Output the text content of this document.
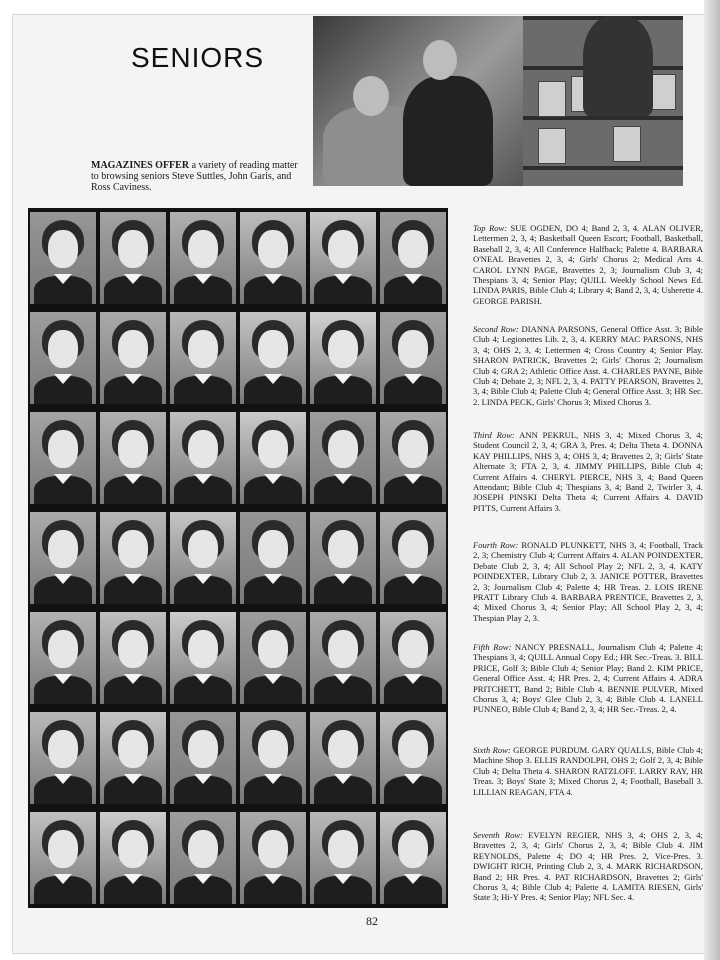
SENIORS
MAGAZINES OFFER a variety of reading matter to browsing seniors Steve Suttles, John Garis, and Ross Caviness.
Top Row: SUE OGDEN, DO 4; Band 2, 3, 4. ALAN OLIVER, Lettermen 2, 3, 4; Basketball Queen Escort; Football, Basketball, Baseball 2, 3, 4; All Conference Halfback; Palette 4. BARBARA O'NEAL Bravettes 2, 3, 4; Girls' Chorus 2; Medical Arts 4. CAROL LYNN PAGE, Bravettes 2, 3; Journalism Club 3, 4; Thespians 3, 4; Senior Play; QUILL Weekly School News Ed. LINDA PARIS, Bible Club 4; Library 4; Band 2, 3, 4; Usherette 4. GEORGE PARISH.
Second Row: DIANNA PARSONS, General Office Asst. 3; Bible Club 4; Legionettes Lib. 2, 3, 4. KERRY MAC PARSONS, NHS 3, 4; OHS 2, 3, 4; Lettermen 4; Cross Country 4; Senior Play. SHARON PATRICK, Bravettes 2; Girls' Chorus 2; Journalism Club 4; GRA 2; Athletic Office Asst. 4. CHARLES PAYNE, Bible Club 4; Debate 2, 3; NFL 2, 3, 4. PATTY PEARSON, Bravettes 2, 3, 4; Bible Club 4; Palette Club 4; General Office Asst. 3; HR Sec. 2. LINDA PECK, Girls' Chorus 3; Mixed Chorus 3.
Third Row: ANN PEKRUL, NHS 3, 4; Mixed Chorus 3, 4; Student Council 2, 3, 4; GRA 3, Pres. 4; Delta Theta 4. DONNA KAY PHILLIPS, NHS 3, 4; OHS 3, 4; Bravettes 2, 3; Girls' State Alternate 3; FTA 2, 3, 4. JIMMY PHILLIPS, Bible Club 4; Current Affairs 4. CHERYL PIERCE, NHS 3, 4; Band Queen Attendant; Bible Club 4; Thespians 3, 4; Band 2, Twirler 3, 4. JOSEPH PINSKI Delta Theta 4; Current Affairs 4. DAVID PITTS, Current Affairs 3.
Fourth Row: RONALD PLUNKETT, NHS 3, 4; Football, Track 2, 3; Chemistry Club 4; Current Affairs 4. ALAN POINDEXTER, Debate Club 2, 3, 4; All School Play 2; NFL 2, 3, 4. KATY POINDEXTER, Library Club 2, 3. JANICE POTTER, Bravettes 2, 3; Journalism Club 4; Palette 4; HR Treas. 2. LOIS IRENE PRATT Library Club 4. BARBARA PRENTICE, Bravettes 2, 3, 4; Mixed Chorus 3, 4; Senior Play; All School Play 2, 3, 4; Thespian Play 2, 3.
Fifth Row: NANCY PRESNALL, Journalism Club 4; Palette 4; Thespians 3, 4; QUILL Annual Copy Ed.; HR Sec.-Treas. 3. BILL PRICE, Golf 3; Bible Club 4; Senior Play; Band 2. KIM PRICE, General Office Asst. 4; HR Pres. 2, 4; Current Affairs 4. ADRA PRITCHETT, Band 2; Bible Club 4. BENNIE PULVER, Mixed Chorus 3, 4; Boys' Glee Club 2, 3, 4; Bible Club 4. LANELL PUNNEO, Bible Club 4; Band 2, 3, 4; HR Sec.-Treas. 2, 4.
Sixth Row: GEORGE PURDUM. GARY QUALLS, Bible Club 4; Machine Shop 3. ELLIS RANDOLPH, OHS 2; Golf 2, 3, 4; Bible Club 4; Delta Theta 4. SHARON RATZLOFF. LARRY RAY, HR Treas. 3; Boys' State 3; Mixed Chorus 2, 4; Football, Baseball 3. LILLIAN REAGAN, FTA 4.
Seventh Row: EVELYN REGIER, NHS 3, 4; OHS 2, 3, 4; Bravettes 2, 3, 4; Girls' Chorus 2, 3, 4; Bible Club 4. JIM REYNOLDS, Palette 4; DO 4; HR Pres. 2, Vice-Pres. 3. DWIGHT RICH, Printing Club 2, 3, 4. MARK RICHARDSON, Band 2; HR Pres. 4. PAT RICHARDSON, Bravettes 2; Girls' Chorus 3, 4; Bible Club 4; Palette 4. LAMITA RIESEN, Girls' State 3; Hi-Y Pres. 4; Senior Play; NFL Sec. 4.
82
